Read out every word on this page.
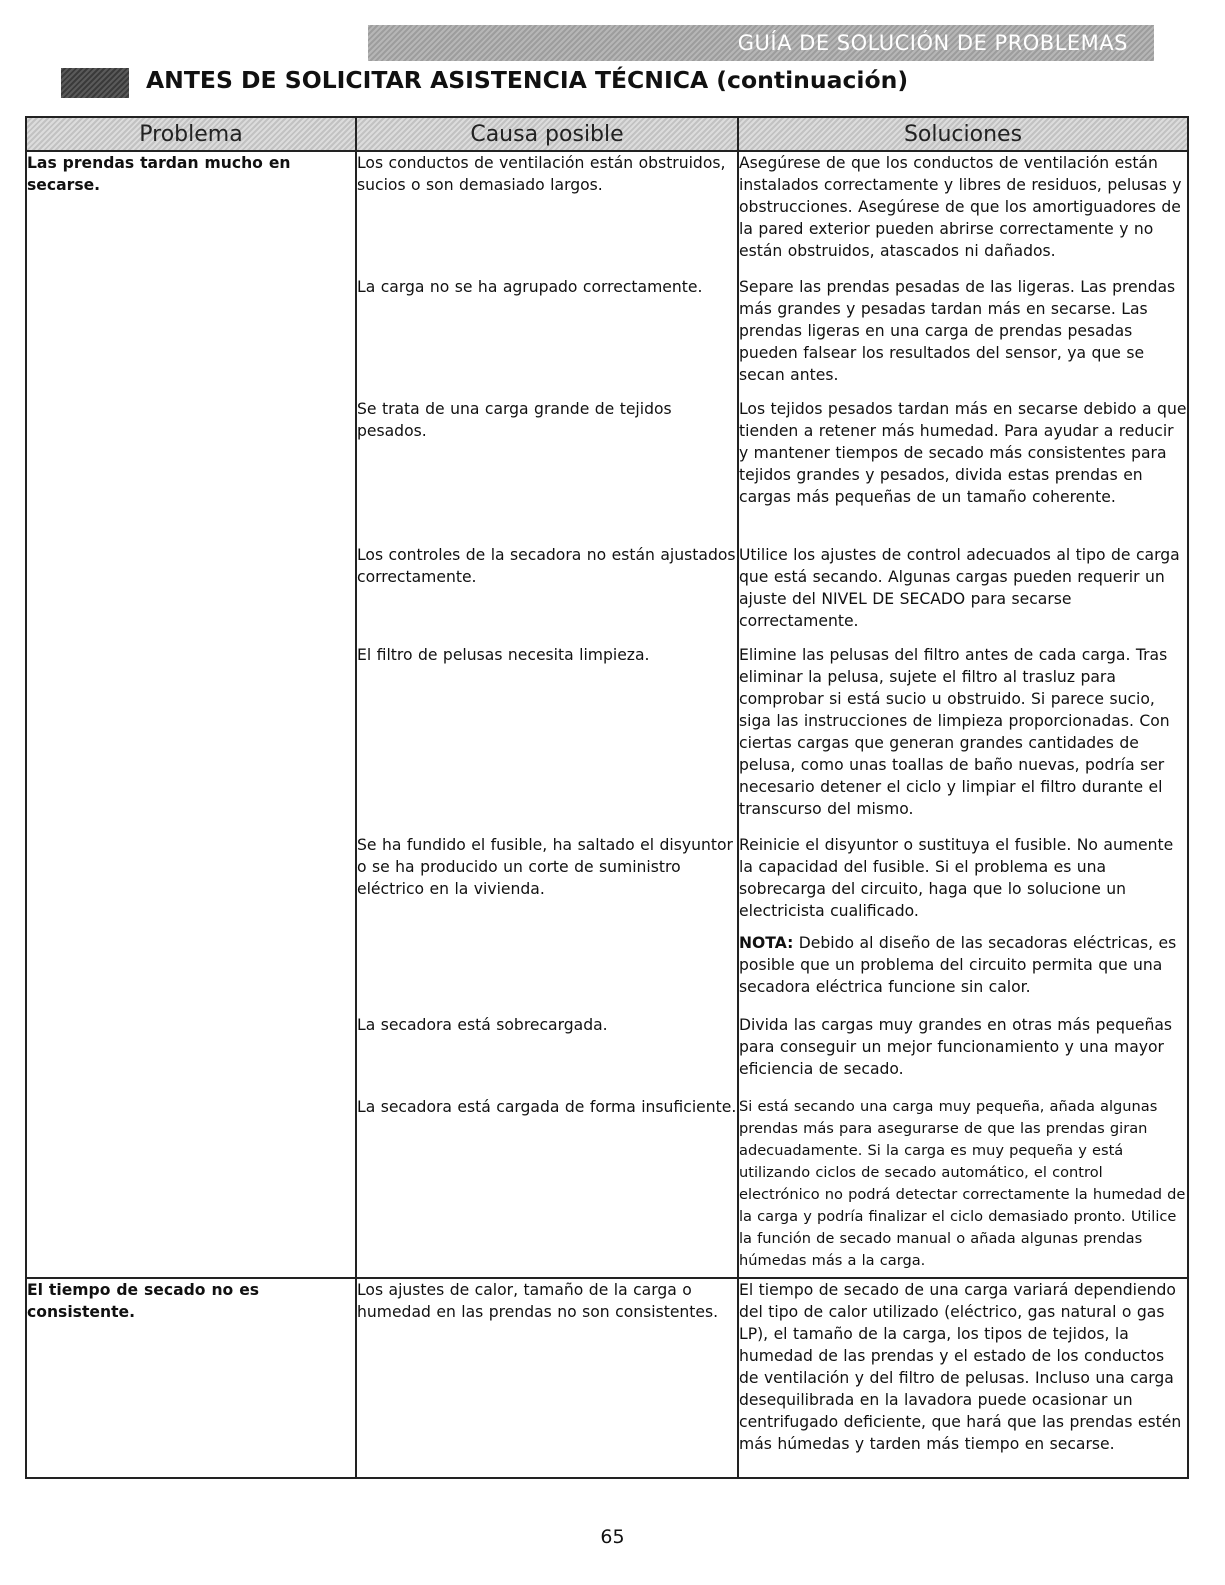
GUÍA DE SOLUCIÓN DE PROBLEMAS
ANTES DE SOLICITAR ASISTENCIA TÉCNICA (continuación)
Problema	Causa posible	Soluciones
Las prendas tardan mucho en secarse.	Los conductos de ventilación están obstruidos, sucios o son demasiado largos.	Asegúrese de que los conductos de ventilación están instalados correctamente y libres de residuos, pelusas y obstrucciones. Asegúrese de que los amortiguadores de la pared exterior pueden abrirse correctamente y no están obstruidos, atascados ni dañados.
	La carga no se ha agrupado correctamente.	Separe las prendas pesadas de las ligeras. Las prendas más grandes y pesadas tardan más en secarse. Las prendas ligeras en una carga de prendas pesadas pueden falsear los resultados del sensor, ya que se secan antes.
	Se trata de una carga grande de tejidos pesados.	Los tejidos pesados tardan más en secarse debido a que tienden a retener más humedad. Para ayudar a reducir y mantener tiempos de secado más consistentes para tejidos grandes y pesados, divida estas prendas en cargas más pequeñas de un tamaño coherente.
	Los controles de la secadora no están ajustados correctamente.	Utilice los ajustes de control adecuados al tipo de carga que está secando. Algunas cargas pueden requerir un ajuste del NIVEL DE SECADO para secarse correctamente.
	El filtro de pelusas necesita limpieza.	Elimine las pelusas del filtro antes de cada carga. Tras eliminar la pelusa, sujete el filtro al trasluz para comprobar si está sucio u obstruido. Si parece sucio, siga las instrucciones de limpieza proporcionadas. Con ciertas cargas que generan grandes cantidades de pelusa, como unas toallas de baño nuevas, podría ser necesario detener el ciclo y limpiar el filtro durante el transcurso del mismo.
	Se ha fundido el fusible, ha saltado el disyuntor o se ha producido un corte de suministro eléctrico en la vivienda.	Reinicie el disyuntor o sustituya el fusible. No aumente la capacidad del fusible. Si el problema es una sobrecarga del circuito, haga que lo solucione un electricista cualificado.
NOTA: Debido al diseño de las secadoras eléctricas, es posible que un problema del circuito permita que una secadora eléctrica funcione sin calor.

	La secadora está sobrecargada.	Divida las cargas muy grandes en otras más pequeñas para conseguir un mejor funcionamiento y una mayor eficiencia de secado.
	La secadora está cargada de forma insuficiente.	Si está secando una carga muy pequeña, añada algunas prendas más para asegurarse de que las prendas giran adecuadamente. Si la carga es muy pequeña y está utilizando ciclos de secado automático, el control electrónico no podrá detectar correctamente la humedad de la carga y podría finalizar el ciclo demasiado pronto. Utilice la función de secado manual o añada algunas prendas húmedas más a la carga.
El tiempo de secado no es consistente.	Los ajustes de calor, tamaño de la carga o humedad en las prendas no son consistentes.	El tiempo de secado de una carga variará dependiendo del tipo de calor utilizado (eléctrico, gas natural o gas LP), el tamaño de la carga, los tipos de tejidos, la humedad de las prendas y el estado de los conductos de ventilación y del filtro de pelusas. Incluso una carga desequilibrada en la lavadora puede ocasionar un centrifugado deficiente, que hará que las prendas estén más húmedas y tarden más tiempo en secarse.
65
